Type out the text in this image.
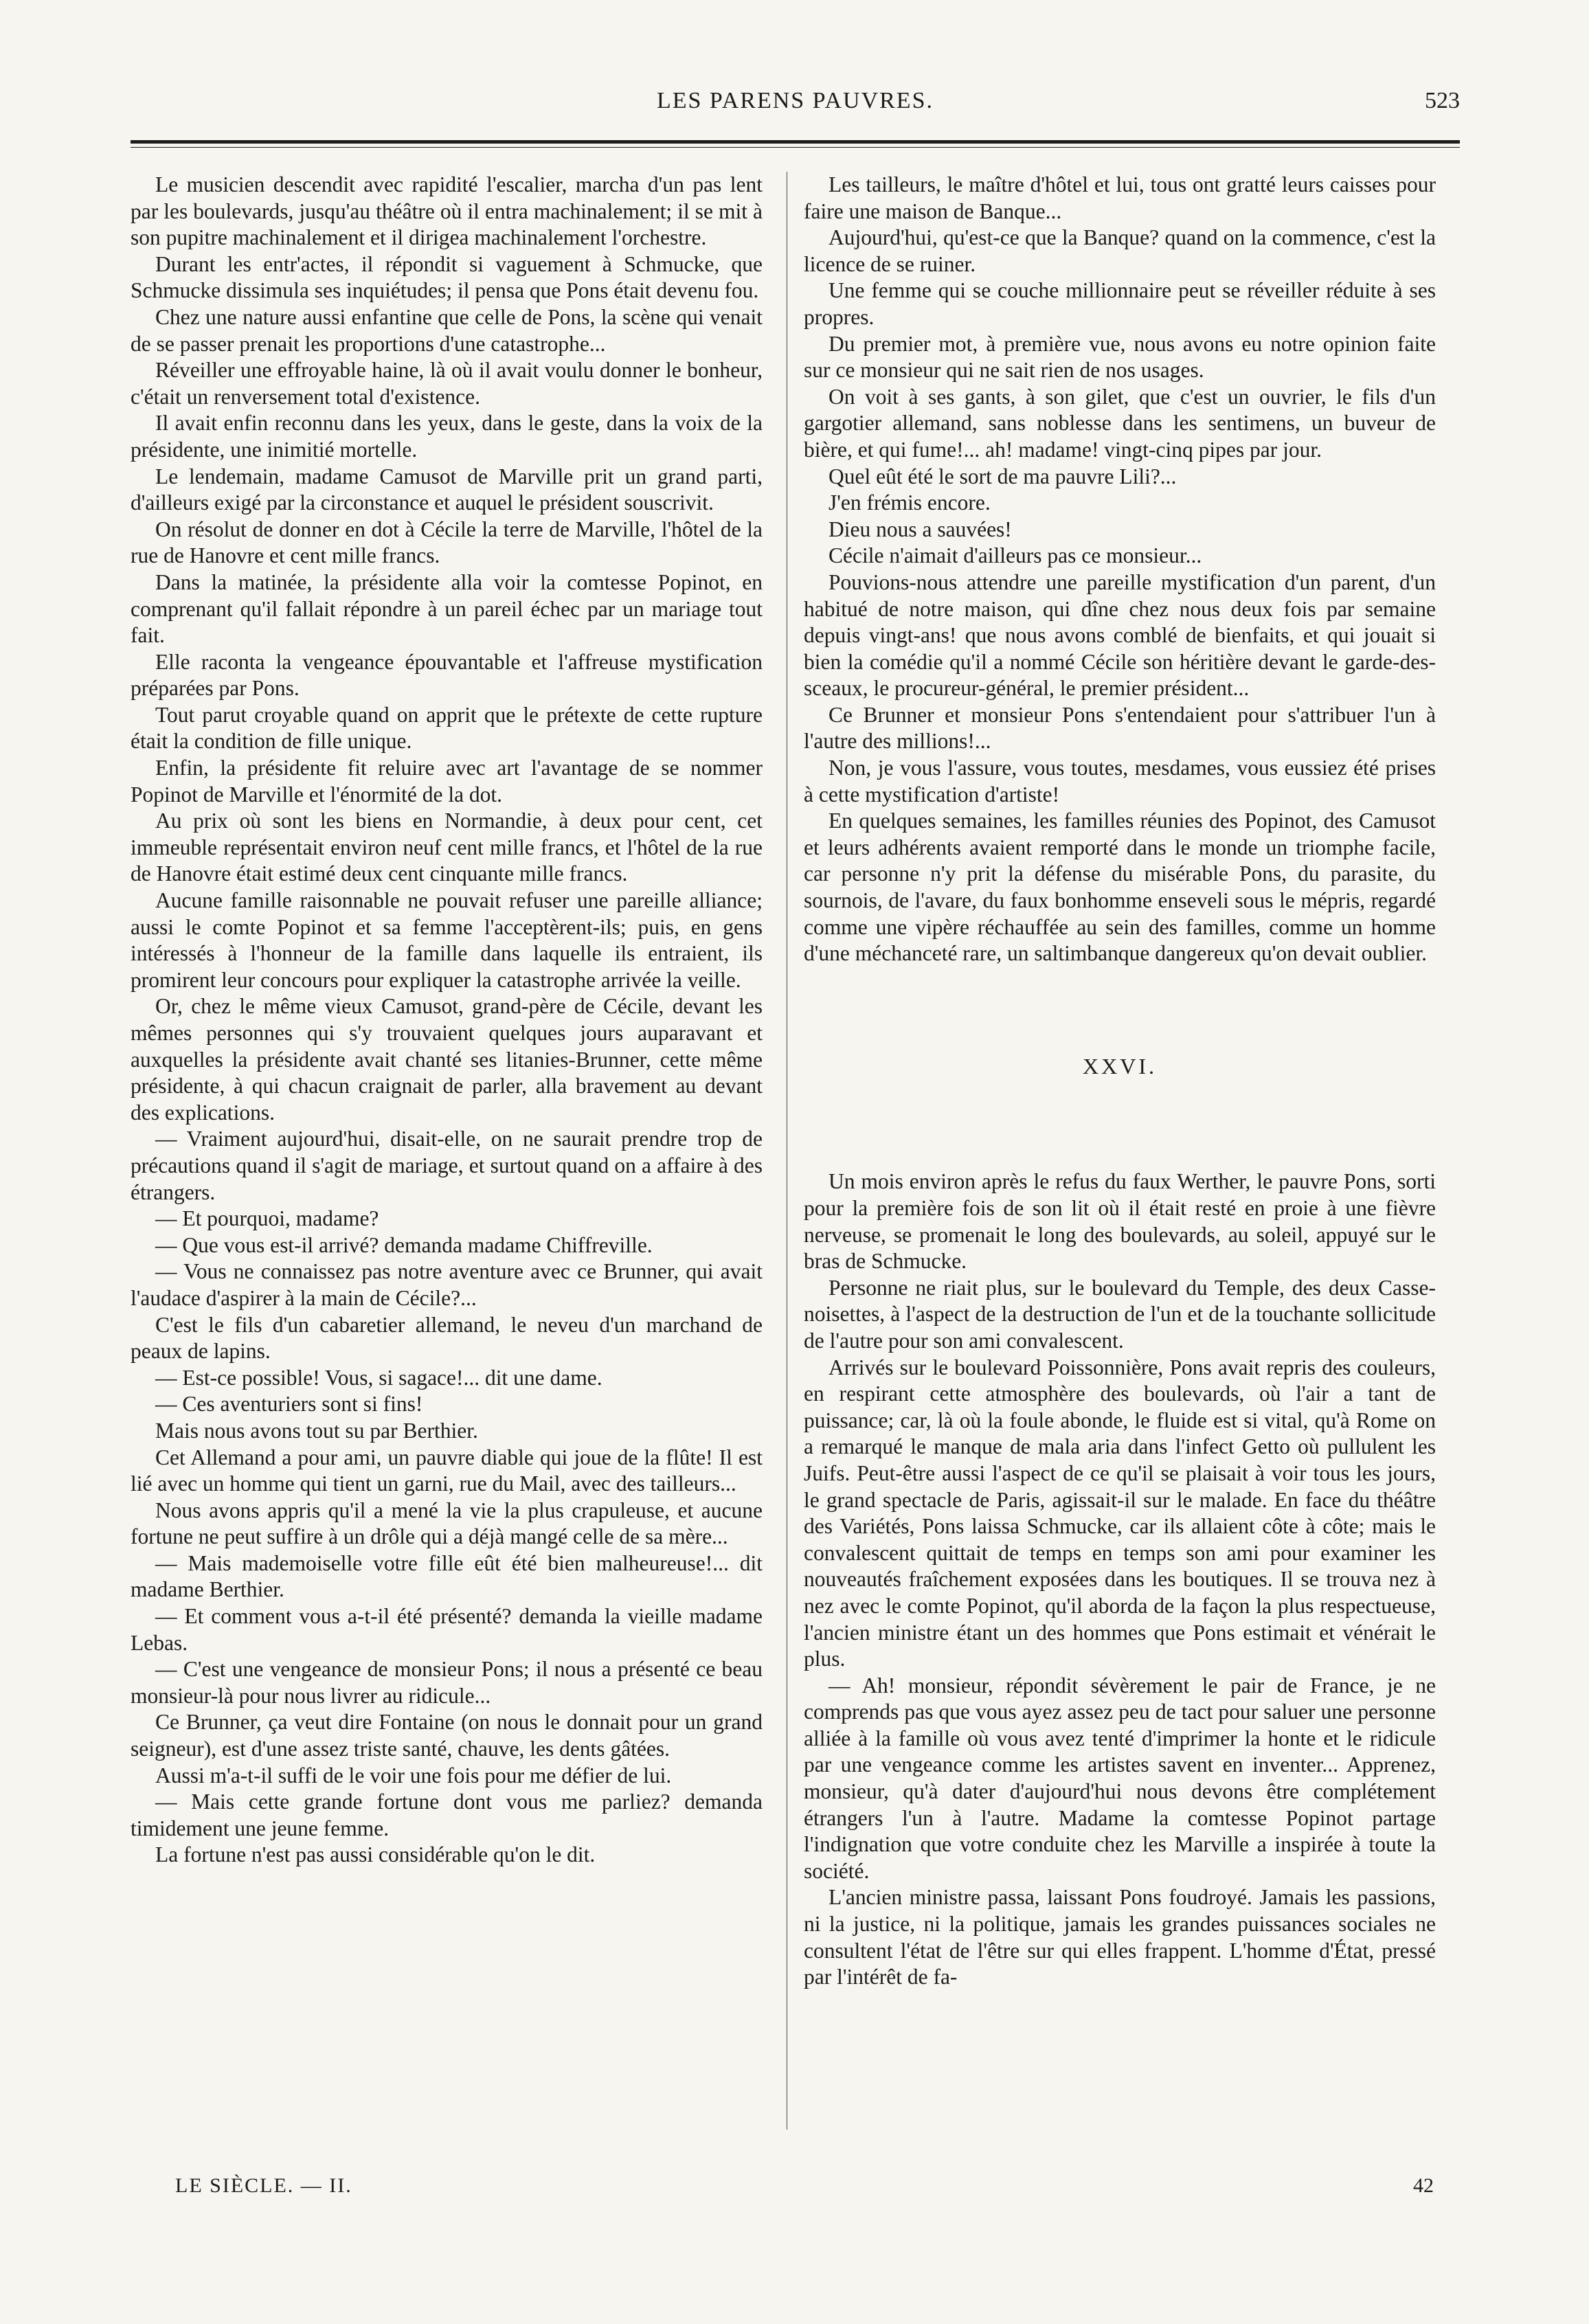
LES PARENS PAUVRES.	523

Le musicien descendit avec rapidité l'escalier, marcha d'un pas lent par les boulevards, jusqu'au théâtre où il entra machinalement; il se mit à son pupitre machinalement et il dirigea machinalement l'orchestre.

Durant les entr'actes, il répondit si vaguement à Schmucke, que Schmucke dissimula ses inquiétudes; il pensa que Pons était devenu fou.

Chez une nature aussi enfantine que celle de Pons, la scène qui venait de se passer prenait les proportions d'une catastrophe...

Réveiller une effroyable haine, là où il avait voulu donner le bonheur, c'était un renversement total d'existence.

Il avait enfin reconnu dans les yeux, dans le geste, dans la voix de la présidente, une inimitié mortelle.

Le lendemain, madame Camusot de Marville prit un grand parti, d'ailleurs exigé par la circonstance et auquel le président souscrivit.

On résolut de donner en dot à Cécile la terre de Marville, l'hôtel de la rue de Hanovre et cent mille francs.

Dans la matinée, la présidente alla voir la comtesse Popinot, en comprenant qu'il fallait répondre à un pareil échec par un mariage tout fait.

Elle raconta la vengeance épouvantable et l'affreuse mystification préparées par Pons.

Tout parut croyable quand on apprit que le prétexte de cette rupture était la condition de fille unique.

Enfin, la présidente fit reluire avec art l'avantage de se nommer Popinot de Marville et l'énormité de la dot.

Au prix où sont les biens en Normandie, à deux pour cent, cet immeuble représentait environ neuf cent mille francs, et l'hôtel de la rue de Hanovre était estimé deux cent cinquante mille francs.

Aucune famille raisonnable ne pouvait refuser une pareille alliance; aussi le comte Popinot et sa femme l'acceptèrent-ils; puis, en gens intéressés à l'honneur de la famille dans laquelle ils entraient, ils promirent leur concours pour expliquer la catastrophe arrivée la veille.

Or, chez le même vieux Camusot, grand-père de Cécile, devant les mêmes personnes qui s'y trouvaient quelques jours auparavant et auxquelles la présidente avait chanté ses litanies-Brunner, cette même présidente, à qui chacun craignait de parler, alla bravement au devant des explications.

— Vraiment aujourd'hui, disait-elle, on ne saurait prendre trop de précautions quand il s'agit de mariage, et surtout quand on a affaire à des étrangers.

— Et pourquoi, madame?

— Que vous est-il arrivé? demanda madame Chiffreville.

— Vous ne connaissez pas notre aventure avec ce Brunner, qui avait l'audace d'aspirer à la main de Cécile?...

C'est le fils d'un cabaretier allemand, le neveu d'un marchand de peaux de lapins.

— Est-ce possible! Vous, si sagace!... dit une dame.

— Ces aventuriers sont si fins!

Mais nous avons tout su par Berthier.

Cet Allemand a pour ami, un pauvre diable qui joue de la flûte! Il est lié avec un homme qui tient un garni, rue du Mail, avec des tailleurs...

Nous avons appris qu'il a mené la vie la plus crapuleuse, et aucune fortune ne peut suffire à un drôle qui a déjà mangé celle de sa mère...

— Mais mademoiselle votre fille eût été bien malheureuse!... dit madame Berthier.

— Et comment vous a-t-il été présenté? demanda la vieille madame Lebas.

— C'est une vengeance de monsieur Pons; il nous a présenté ce beau monsieur-là pour nous livrer au ridicule...

Ce Brunner, ça veut dire Fontaine (on nous le donnait pour un grand seigneur), est d'une assez triste santé, chauve, les dents gâtées.

Aussi m'a-t-il suffi de le voir une fois pour me défier de lui.

— Mais cette grande fortune dont vous me parliez? demanda timidement une jeune femme.

La fortune n'est pas aussi considérable qu'on le dit.

Les tailleurs, le maître d'hôtel et lui, tous ont gratté leurs caisses pour faire une maison de Banque...

Aujourd'hui, qu'est-ce que la Banque? quand on la commence, c'est la licence de se ruiner.

Une femme qui se couche millionnaire peut se réveiller réduite à ses propres.

Du premier mot, à première vue, nous avons eu notre opinion faite sur ce monsieur qui ne sait rien de nos usages.

On voit à ses gants, à son gilet, que c'est un ouvrier, le fils d'un gargotier allemand, sans noblesse dans les sentimens, un buveur de bière, et qui fume!... ah! madame! vingt-cinq pipes par jour.

Quel eût été le sort de ma pauvre Lili?...

J'en frémis encore.

Dieu nous a sauvées!

Cécile n'aimait d'ailleurs pas ce monsieur...

Pouvions-nous attendre une pareille mystification d'un parent, d'un habitué de notre maison, qui dîne chez nous deux fois par semaine depuis vingt-ans! que nous avons comblé de bienfaits, et qui jouait si bien la comédie qu'il a nommé Cécile son héritière devant le garde-des-sceaux, le procureur-général, le premier président...

Ce Brunner et monsieur Pons s'entendaient pour s'attribuer l'un à l'autre des millions!...

Non, je vous l'assure, vous toutes, mesdames, vous eussiez été prises à cette mystification d'artiste!

En quelques semaines, les familles réunies des Popinot, des Camusot et leurs adhérents avaient remporté dans le monde un triomphe facile, car personne n'y prit la défense du misérable Pons, du parasite, du sournois, de l'avare, du faux bonhomme enseveli sous le mépris, regardé comme une vipère réchauffée au sein des familles, comme un homme d'une méchanceté rare, un saltimbanque dangereux qu'on devait oublier.

XXVI.

Un mois environ après le refus du faux Werther, le pauvre Pons, sorti pour la première fois de son lit où il était resté en proie à une fièvre nerveuse, se promenait le long des boulevards, au soleil, appuyé sur le bras de Schmucke.

Personne ne riait plus, sur le boulevard du Temple, des deux Casse-noisettes, à l'aspect de la destruction de l'un et de la touchante sollicitude de l'autre pour son ami convalescent.

Arrivés sur le boulevard Poissonnière, Pons avait repris des couleurs, en respirant cette atmosphère des boulevards, où l'air a tant de puissance; car, là où la foule abonde, le fluide est si vital, qu'à Rome on a remarqué le manque de mala aria dans l'infect Getto où pullulent les Juifs. Peut-être aussi l'aspect de ce qu'il se plaisait à voir tous les jours, le grand spectacle de Paris, agissait-il sur le malade. En face du théâtre des Variétés, Pons laissa Schmucke, car ils allaient côte à côte; mais le convalescent quittait de temps en temps son ami pour examiner les nouveautés fraîchement exposées dans les boutiques. Il se trouva nez à nez avec le comte Popinot, qu'il aborda de la façon la plus respectueuse, l'ancien ministre étant un des hommes que Pons estimait et vénérait le plus.

— Ah! monsieur, répondit sévèrement le pair de France, je ne comprends pas que vous ayez assez peu de tact pour saluer une personne alliée à la famille où vous avez tenté d'imprimer la honte et le ridicule par une vengeance comme les artistes savent en inventer... Apprenez, monsieur, qu'à dater d'aujourd'hui nous devons être complétement étrangers l'un à l'autre. Madame la comtesse Popinot partage l'indignation que votre conduite chez les Marville a inspirée à toute la société.

L'ancien ministre passa, laissant Pons foudroyé. Jamais les passions, ni la justice, ni la politique, jamais les grandes puissances sociales ne consultent l'état de l'être sur qui elles frappent. L'homme d'État, pressé par l'intérêt de fa-

LE SIÈCLE. — II.	42
